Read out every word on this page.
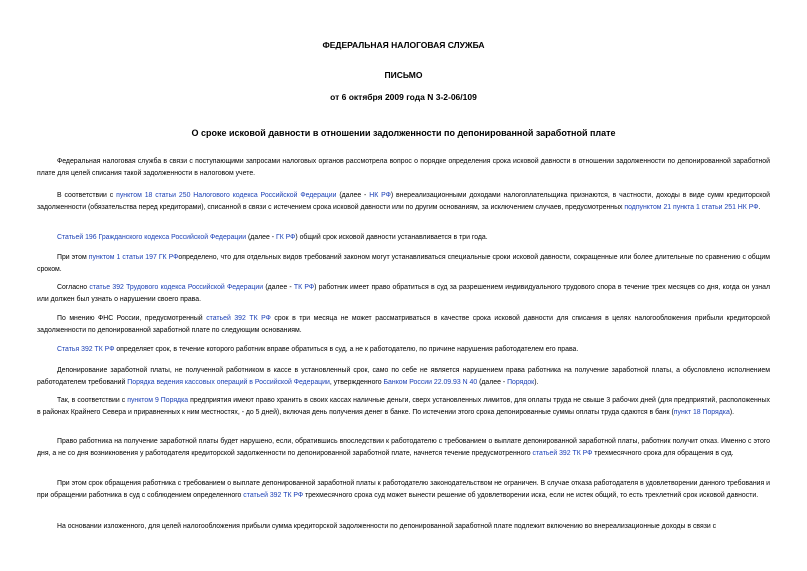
ФЕДЕРАЛЬНАЯ НАЛОГОВАЯ СЛУЖБА
ПИСЬМО
от 6 октября 2009 года N 3-2-06/109
О сроке исковой давности в отношении задолженности по депонированной заработной плате
Федеральная налоговая служба в связи с поступающими запросами налоговых органов рассмотрела вопрос о порядке определения срока исковой давности в отношении задолженности по депонированной заработной плате для целей списания такой задолженности в налоговом учете.
В соответствии с пунктом 18 статьи 250 Налогового кодекса Российской Федерации (далее - НК РФ) внереализационными доходами налогоплательщика признаются, в частности, доходы в виде сумм кредиторской задолженности (обязательства перед кредиторами), списанной в связи с истечением срока исковой давности или по другим основаниям, за исключением случаев, предусмотренных подпунктом 21 пункта 1 статьи 251 НК РФ.
Статьей 196 Гражданского кодекса Российской Федерации (далее - ГК РФ) общий срок исковой давности устанавливается в три года.
При этом пунктом 1 статьи 197 ГК РФопределено, что для отдельных видов требований законом могут устанавливаться специальные сроки исковой давности, сокращенные или более длительные по сравнению с общим сроком.
Согласно статье 392 Трудового кодекса Российской Федерации (далее - ТК РФ) работник имеет право обратиться в суд за разрешением индивидуального трудового спора в течение трех месяцев со дня, когда он узнал или должен был узнать о нарушении своего права.
По мнению ФНС России, предусмотренный статьей 392 ТК РФ срок в три месяца не может рассматриваться в качестве срока исковой давности для списания в целях налогообложения прибыли кредиторской задолженности по депонированной заработной плате по следующим основаниям.
Статья 392 ТК РФ определяет срок, в течение которого работник вправе обратиться в суд, а не к работодателю, по причине нарушения работодателем его права.
Депонирование заработной платы, не полученной работником в кассе в установленный срок, само по себе не является нарушением права работника на получение заработной платы, а обусловлено исполнением работодателем требований Порядка ведения кассовых операций в Российской Федерации, утвержденного Банком России 22.09.93 N 40 (далее - Порядок).
Так, в соответствии с пунктом 9 Порядка предприятия имеют право хранить в своих кассах наличные деньги, сверх установленных лимитов, для оплаты труда не свыше 3 рабочих дней (для предприятий, расположенных в районах Крайнего Севера и приравненных к ним местностях, - до 5 дней), включая день получения денег в банке. По истечении этого срока депонированные суммы оплаты труда сдаются в банк (пункт 18 Порядка).
Право работника на получение заработной платы будет нарушено, если, обратившись впоследствии к работодателю с требованием о выплате депонированной заработной платы, работник получит отказ. Именно с этого дня, а не со дня возникновения у работодателя кредиторской задолженности по депонированной заработной плате, начнется течение предусмотренного статьей 392 ТК РФ трехмесячного срока для обращения в суд.
При этом срок обращения работника с требованием о выплате депонированной заработной платы к работодателю законодательством не ограничен. В случае отказа работодателя в удовлетворении данного требования и при обращении работника в суд с соблюдением определенного статьей 392 ТК РФ трехмесячного срока суд может вынести решение об удовлетворении иска, если не истек общий, то есть трехлетний срок исковой давности.
На основании изложенного, для целей налогообложения прибыли сумма кредиторской задолженности по депонированной заработной плате подлежит включению во внереализационные доходы в связи с
